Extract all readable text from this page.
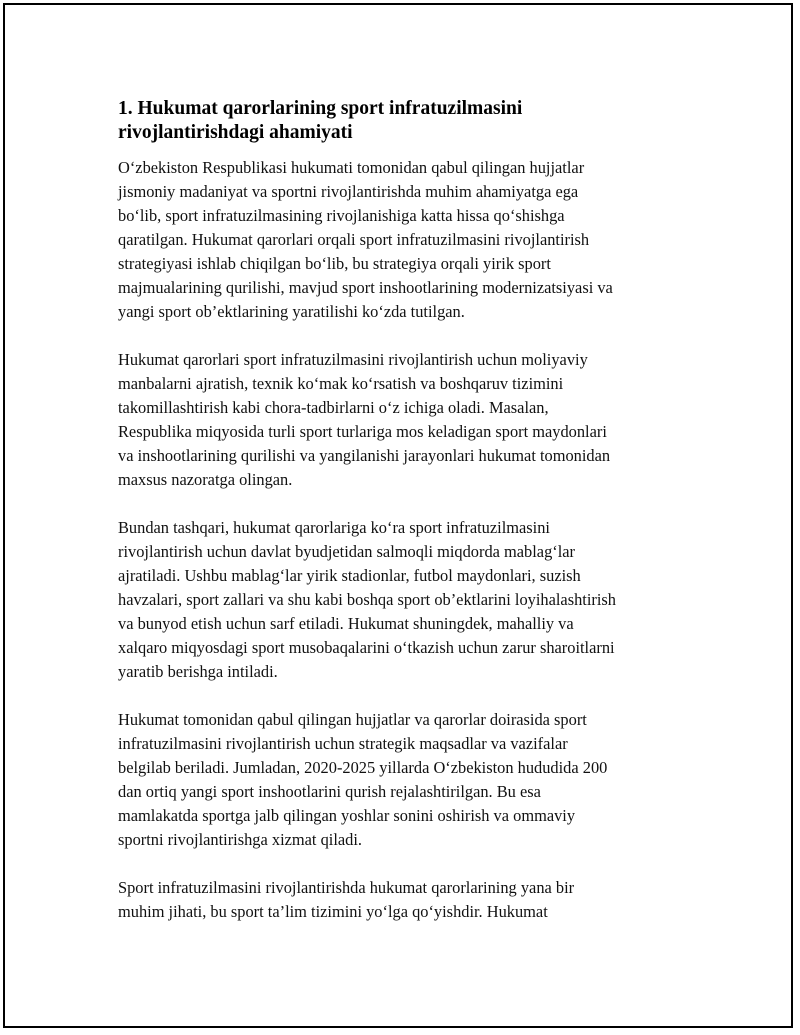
1. Hukumat qarorlarining sport infratuzilmasini
rivojlantirishdagi ahamiyati

O‘zbekiston Respublikasi hukumati tomonidan qabul qilingan hujjatlar
jismoniy madaniyat va sportni rivojlantirishda muhim ahamiyatga ega
bo‘lib, sport infratuzilmasining rivojlanishiga katta hissa qo‘shishga
qaratilgan. Hukumat qarorlari orqali sport infratuzilmasini rivojlantirish
strategiyasi ishlab chiqilgan bo‘lib, bu strategiya orqali yirik sport
majmualarining qurilishi, mavjud sport inshootlarining modernizatsiyasi va
yangi sport ob’ektlarining yaratilishi ko‘zda tutilgan.

Hukumat qarorlari sport infratuzilmasini rivojlantirish uchun moliyaviy
manbalarni ajratish, texnik ko‘mak ko‘rsatish va boshqaruv tizimini
takomillashtirish kabi chora-tadbirlarni o‘z ichiga oladi. Masalan,
Respublika miqyosida turli sport turlariga mos keladigan sport maydonlari
va inshootlarining qurilishi va yangilanishi jarayonlari hukumat tomonidan
maxsus nazoratga olingan.

Bundan tashqari, hukumat qarorlariga ko‘ra sport infratuzilmasini
rivojlantirish uchun davlat byudjetidan salmoqli miqdorda mablag‘lar
ajratiladi. Ushbu mablag‘lar yirik stadionlar, futbol maydonlari, suzish
havzalari, sport zallari va shu kabi boshqa sport ob’ektlarini loyihalashtirish
va bunyod etish uchun sarf etiladi. Hukumat shuningdek, mahalliy va
xalqaro miqyosdagi sport musobaqalarini o‘tkazish uchun zarur sharoitlarni
yaratib berishga intiladi.

Hukumat tomonidan qabul qilingan hujjatlar va qarorlar doirasida sport
infratuzilmasini rivojlantirish uchun strategik maqsadlar va vazifalar
belgilab beriladi. Jumladan, 2020-2025 yillarda O‘zbekiston hududida 200
dan ortiq yangi sport inshootlarini qurish rejalashtirilgan. Bu esa
mamlakatda sportga jalb qilingan yoshlar sonini oshirish va ommaviy
sportni rivojlantirishga xizmat qiladi.

Sport infratuzilmasini rivojlantirishda hukumat qarorlarining yana bir
muhim jihati, bu sport ta’lim tizimini yo‘lga qo‘yishdir. Hukumat
